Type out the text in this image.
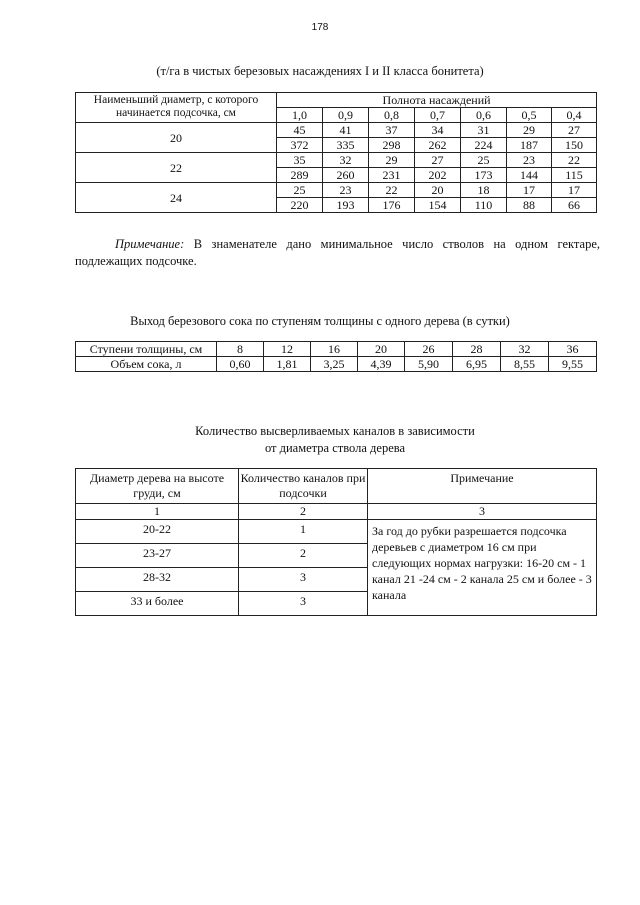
178
(т/га в чистых березовых насаждениях I и II класса бонитета)
Наименьший диаметр, с которого начинается подсочка, см	Полнота насаждений						
	1,0	0,9	0,8	0,7	0,6	0,5	0,4
20	45	41	37	34	31	29	27
	372	335	298	262	224	187	150
22	35	32	29	27	25	23	22
	289	260	231	202	173	144	115
24	25	23	22	20	18	17	17
	220	193	176	154	110	88	66
Примечание: В знаменателе дано минимальное число стволов на одном гектаре, подлежащих подсочке.
Выход березового сока по ступеням толщины с одного дерева (в сутки)
Ступени толщины, см	8	12	16	20	26	28	32	36
Объем сока, л	0,60	1,81	3,25	4,39	5,90	6,95	8,55	9,55
Количество высверливаемых каналов в зависимости
от диаметра ствола дерева
Диаметр дерева на высоте груди, см	Количество каналов при подсочки	Примечание
1	2	3
20-22	1	За год до рубки разрешается подсочка деревьев с диаметром 16 см при следующих нормах нагрузки: 16-20 см - 1 канал 21 -24 см - 2 канала 25 см и более - 3 канала
23-27	2	
28-32	3	
33 и более	3	
